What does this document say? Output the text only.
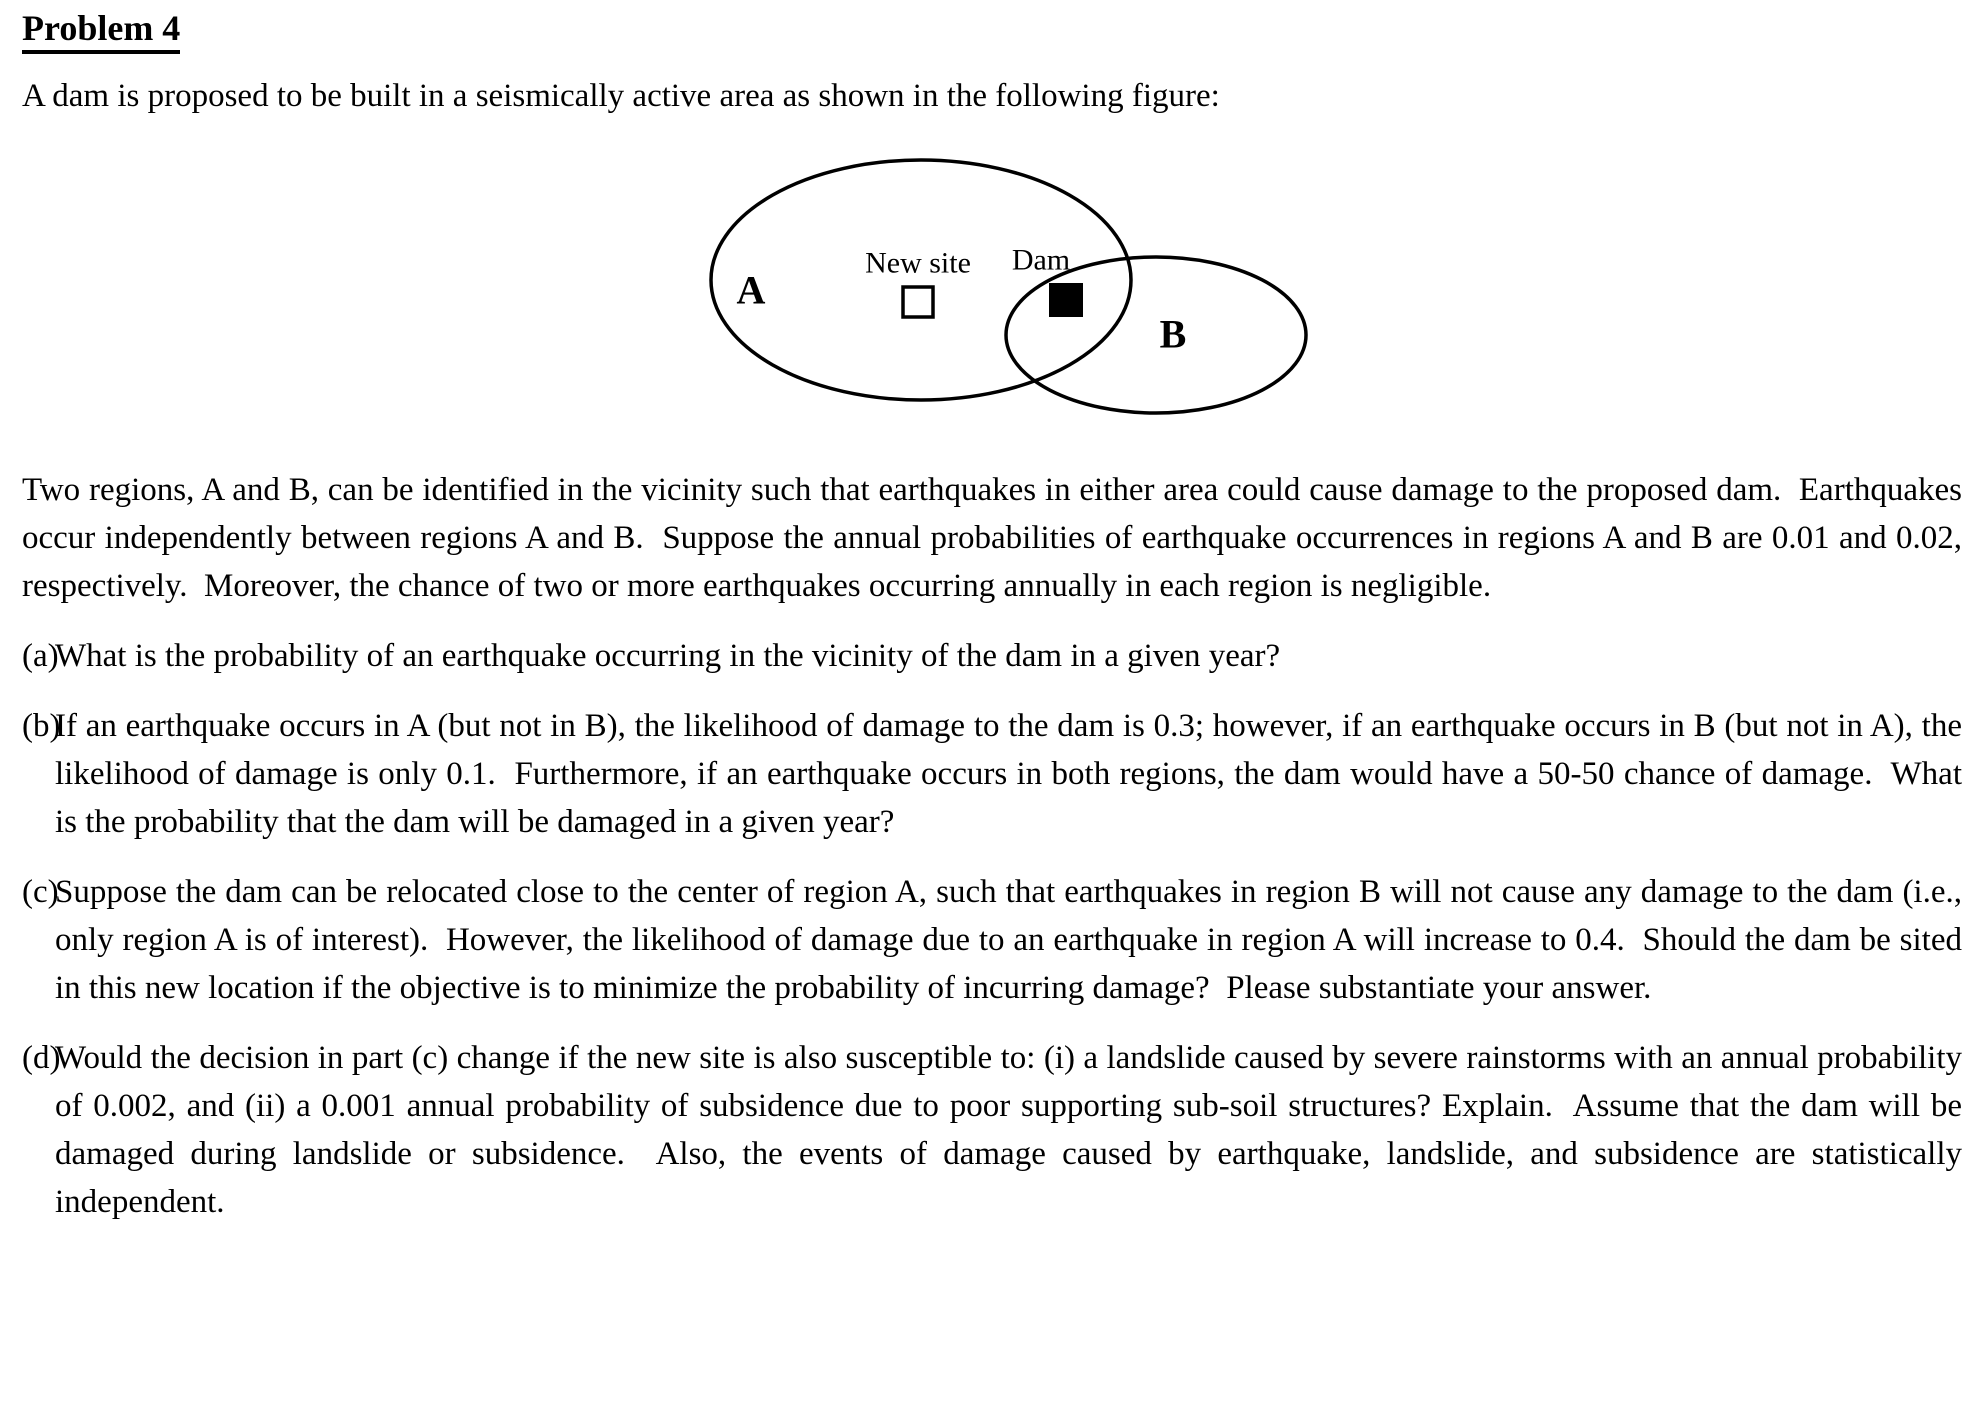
Problem 4

A dam is proposed to be built in a seismically active area as shown in the following figure:

A
New site Dam
B

Two regions, A and B, can be identified in the vicinity such that earthquakes in either area could cause damage to the proposed dam.  Earthquakes occur independently between regions A and B.  Suppose the annual probabilities of earthquake occurrences in regions A and B are 0.01 and 0.02, respectively.  Moreover, the chance of two or more earthquakes occurring annually in each region is negligible.

(a)
What is the probability of an earthquake occurring in the vicinity of the dam in a given year?
(b)
If an earthquake occurs in A (but not in B), the likelihood of damage to the dam is 0.3; however, if an earthquake occurs in B (but not in A), the likelihood of damage is only 0.1.  Furthermore, if an earthquake occurs in both regions, the dam would have a 50-50 chance of damage.  What is the probability that the dam will be damaged in a given year?
(c)
Suppose the dam can be relocated close to the center of region A, such that earthquakes in region B will not cause any damage to the dam (i.e., only region A is of interest).  However, the likelihood of damage due to an earthquake in region A will increase to 0.4.  Should the dam be sited in this new location if the objective is to minimize the probability of incurring damage?  Please substantiate your answer.
(d)
Would the decision in part (c) change if the new site is also susceptible to: (i) a landslide caused by severe rainstorms with an annual probability of 0.002, and (ii) a 0.001 annual probability of subsidence due to poor supporting sub-soil structures? Explain.  Assume that the dam will be damaged during landslide or subsidence.  Also, the events of damage caused by earthquake, landslide, and subsidence are statistically independent.
